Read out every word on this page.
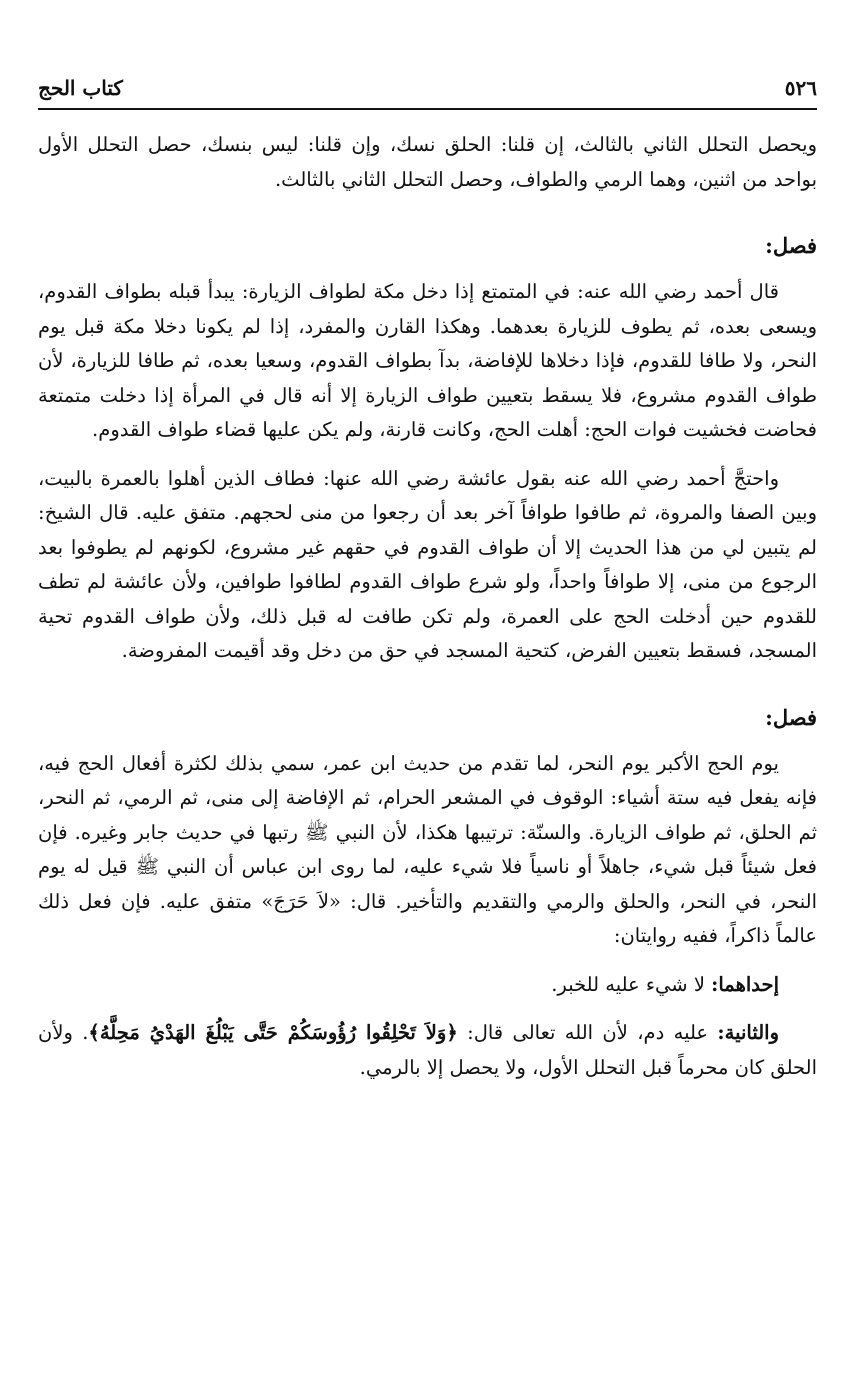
٥٢٦
كتاب الحج

ويحصل التحلل الثاني بالثالث، إن قلنا: الحلق نسك، وإن قلنا: ليس بنسك، حصل التحلل الأول بواحد من اثنين، وهما الرمي والطواف، وحصل التحلل الثاني بالثالث.

فصل:

قال أحمد رضي الله عنه: في المتمتع إذا دخل مكة لطواف الزيارة: يبدأ قبله بطواف القدوم، ويسعى بعده، ثم يطوف للزيارة بعدهما. وهكذا القارن والمفرد، إذا لم يكونا دخلا مكة قبل يوم النحر، ولا طافا للقدوم، فإذا دخلاها للإفاضة، بدآ بطواف القدوم، وسعيا بعده، ثم طافا للزيارة، لأن طواف القدوم مشروع، فلا يسقط بتعيين طواف الزيارة إلا أنه قال في المرأة إذا دخلت متمتعة فحاضت فخشيت فوات الحج: أهلت الحج، وكانت قارنة، ولم يكن عليها قضاء طواف القدوم.

واحتجَّ أحمد رضي الله عنه بقول عائشة رضي الله عنها: فطاف الذين أهلوا بالعمرة بالبيت، وبين الصفا والمروة، ثم طافوا طوافاً آخر بعد أن رجعوا من منى لحجهم. متفق عليه. قال الشيخ: لم يتبين لي من هذا الحديث إلا أن طواف القدوم في حقهم غير مشروع، لكونهم لم يطوفوا بعد الرجوع من منى، إلا طوافاً واحداً، ولو شرع طواف القدوم لطافوا طوافين، ولأن عائشة لم تطف للقدوم حين أدخلت الحج على العمرة، ولم تكن طافت له قبل ذلك، ولأن طواف القدوم تحية المسجد، فسقط بتعيين الفرض، كتحية المسجد في حق من دخل وقد أقيمت المفروضة.

فصل:

يوم الحج الأكبر يوم النحر، لما تقدم من حديث ابن عمر، سمي بذلك لكثرة أفعال الحج فيه، فإنه يفعل فيه ستة أشياء: الوقوف في المشعر الحرام، ثم الإفاضة إلى منى، ثم الرمي، ثم النحر، ثم الحلق، ثم طواف الزيارة. والسنّة: ترتيبها هكذا، لأن النبي ﷺ رتبها في حديث جابر وغيره. فإن فعل شيئاً قبل شيء، جاهلاً أو ناسياً فلا شيء عليه، لما روى ابن عباس أن النبي ﷺ قيل له يوم النحر، في النحر، والحلق والرمي والتقديم والتأخير. قال: «لاَ حَرَجَ» متفق عليه. فإن فعل ذلك عالماً ذاكراً، ففيه روايتان:

إحداهما: لا شيء عليه للخبر.

والثانية: عليه دم، لأن الله تعالى قال: ﴿وَلاَ تَحْلِقُوا رُؤُوسَكُمْ حَتَّى يَبْلُغَ الهَدْيُ مَحِلَّهُ﴾. ولأن الحلق كان محرماً قبل التحلل الأول، ولا يحصل إلا بالرمي.
